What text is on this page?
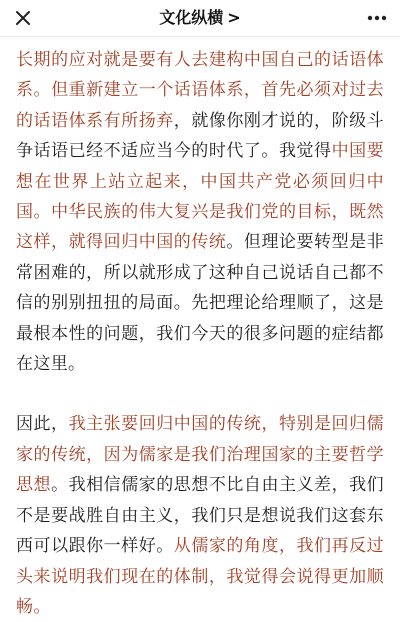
文化纵横 >

长期的应对就是要有人去建构中国自己的话语体系。但重新建立一个话语体系，首先必须对过去的话语体系有所扬弃，就像你刚才说的，阶级斗争话语已经不适应当今的时代了。我觉得中国要想在世界上站立起来，中国共产党必须回归中国。中华民族的伟大复兴是我们党的目标，既然这样，就得回归中国的传统。但理论要转型是非常困难的，所以就形成了这种自己说话自己都不信的别别扭扭的局面。先把理论给理顺了，这是最根本性的问题，我们今天的很多问题的症结都在这里。

因此，我主张要回归中国的传统，特别是回归儒家的传统，因为儒家是我们治理国家的主要哲学思想。我相信儒家的思想不比自由主义差，我们不是要战胜自由主义，我们只是想说我们这套东西可以跟你一样好。从儒家的角度，我们再反过头来说明我们现在的体制，我觉得会说得更加顺畅。
